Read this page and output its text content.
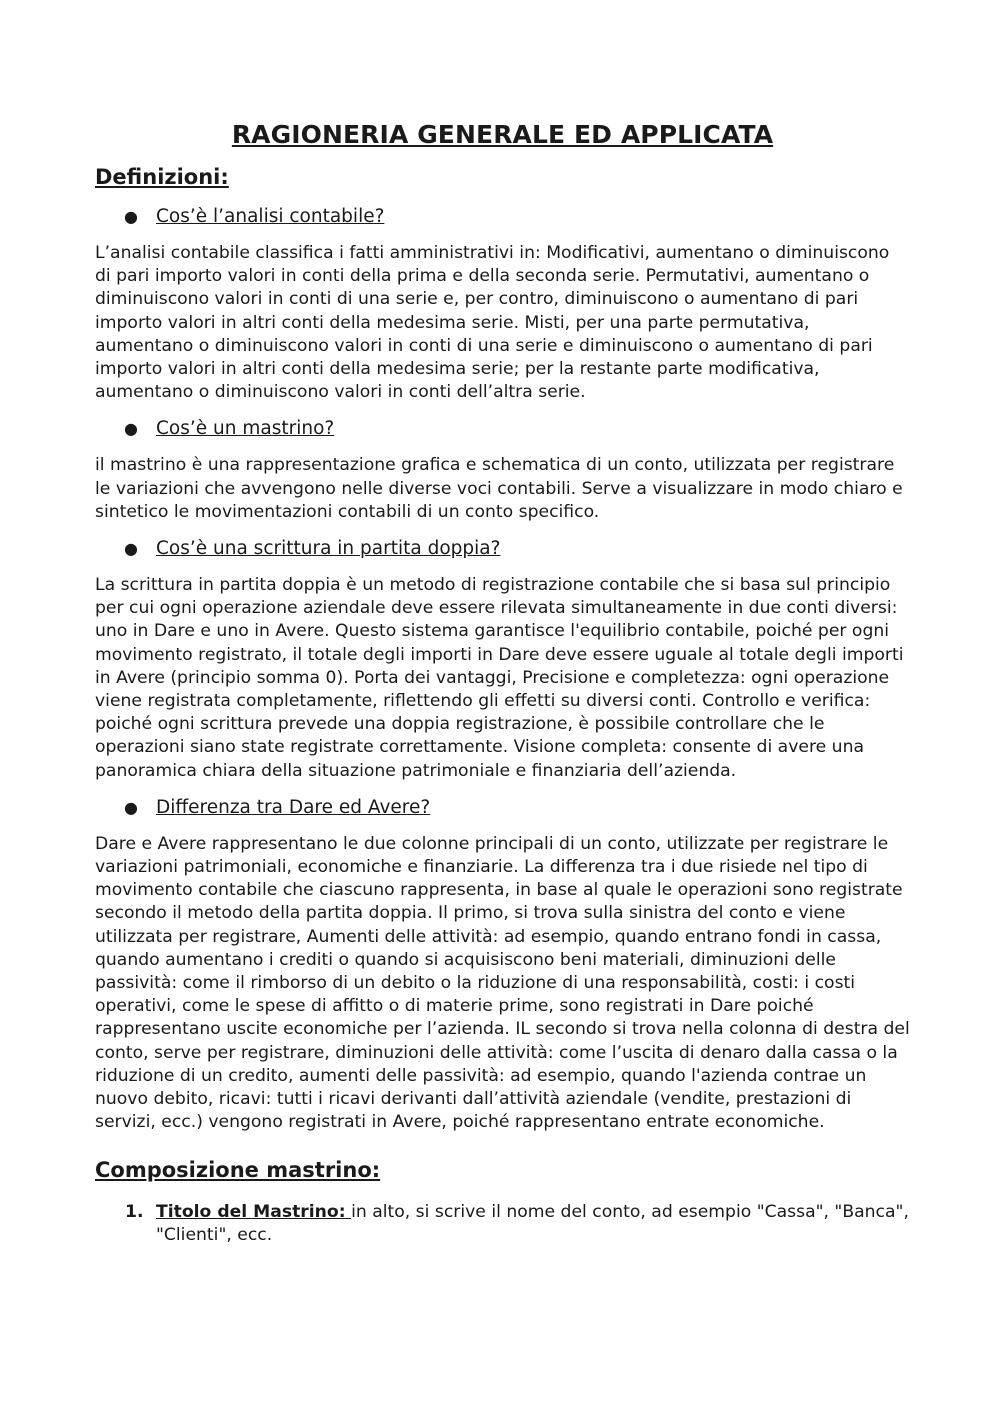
RAGIONERIA GENERALE ED APPLICATA
Definizioni:
● Cos’è l’analisi contabile?

L’analisi contabile classifica i fatti amministrativi in: Modificativi, aumentano o diminuiscono di pari importo valori in conti della prima e della seconda serie. Permutativi, aumentano o diminuiscono valori in conti di una serie e, per contro, diminuiscono o aumentano di pari importo valori in altri conti della medesima serie. Misti, per una parte permutativa, aumentano o diminuiscono valori in conti di una serie e diminuiscono o aumentano di pari importo valori in altri conti della medesima serie; per la restante parte modificativa, aumentano o diminuiscono valori in conti dell’altra serie.

● Cos’è un mastrino?

il mastrino è una rappresentazione grafica e schematica di un conto, utilizzata per registrare le variazioni che avvengono nelle diverse voci contabili. Serve a visualizzare in modo chiaro e sintetico le movimentazioni contabili di un conto specifico.

● Cos’è una scrittura in partita doppia?

La scrittura in partita doppia è un metodo di registrazione contabile che si basa sul principio per cui ogni operazione aziendale deve essere rilevata simultaneamente in due conti diversi: uno in Dare e uno in Avere. Questo sistema garantisce l'equilibrio contabile, poiché per ogni movimento registrato, il totale degli importi in Dare deve essere uguale al totale degli importi in Avere (principio somma 0). Porta dei vantaggi, Precisione e completezza: ogni operazione viene registrata completamente, riflettendo gli effetti su diversi conti. Controllo e verifica: poiché ogni scrittura prevede una doppia registrazione, è possibile controllare che le operazioni siano state registrate correttamente. Visione completa: consente di avere una panoramica chiara della situazione patrimoniale e finanziaria dell’azienda.

● Differenza tra Dare ed Avere?

Dare e Avere rappresentano le due colonne principali di un conto, utilizzate per registrare le variazioni patrimoniali, economiche e finanziarie. La differenza tra i due risiede nel tipo di movimento contabile che ciascuno rappresenta, in base al quale le operazioni sono registrate secondo il metodo della partita doppia. Il primo, si trova sulla sinistra del conto e viene utilizzata per registrare, Aumenti delle attività: ad esempio, quando entrano fondi in cassa, quando aumentano i crediti o quando si acquisiscono beni materiali, diminuzioni delle passività: come il rimborso di un debito o la riduzione di una responsabilità, costi: i costi operativi, come le spese di affitto o di materie prime, sono registrati in Dare poiché rappresentano uscite economiche per l’azienda. IL secondo si trova nella colonna di destra del conto, serve per registrare, diminuzioni delle attività: come l’uscita di denaro dalla cassa o la riduzione di un credito, aumenti delle passività: ad esempio, quando l'azienda contrae un nuovo debito, ricavi: tutti i ricavi derivanti dall’attività aziendale (vendite, prestazioni di servizi, ecc.) vengono registrati in Avere, poiché rappresentano entrate economiche.

Composizione mastrino:
1. Titolo del Mastrino: in alto, si scrive il nome del conto, ad esempio "Cassa", "Banca", "Clienti", ecc.
